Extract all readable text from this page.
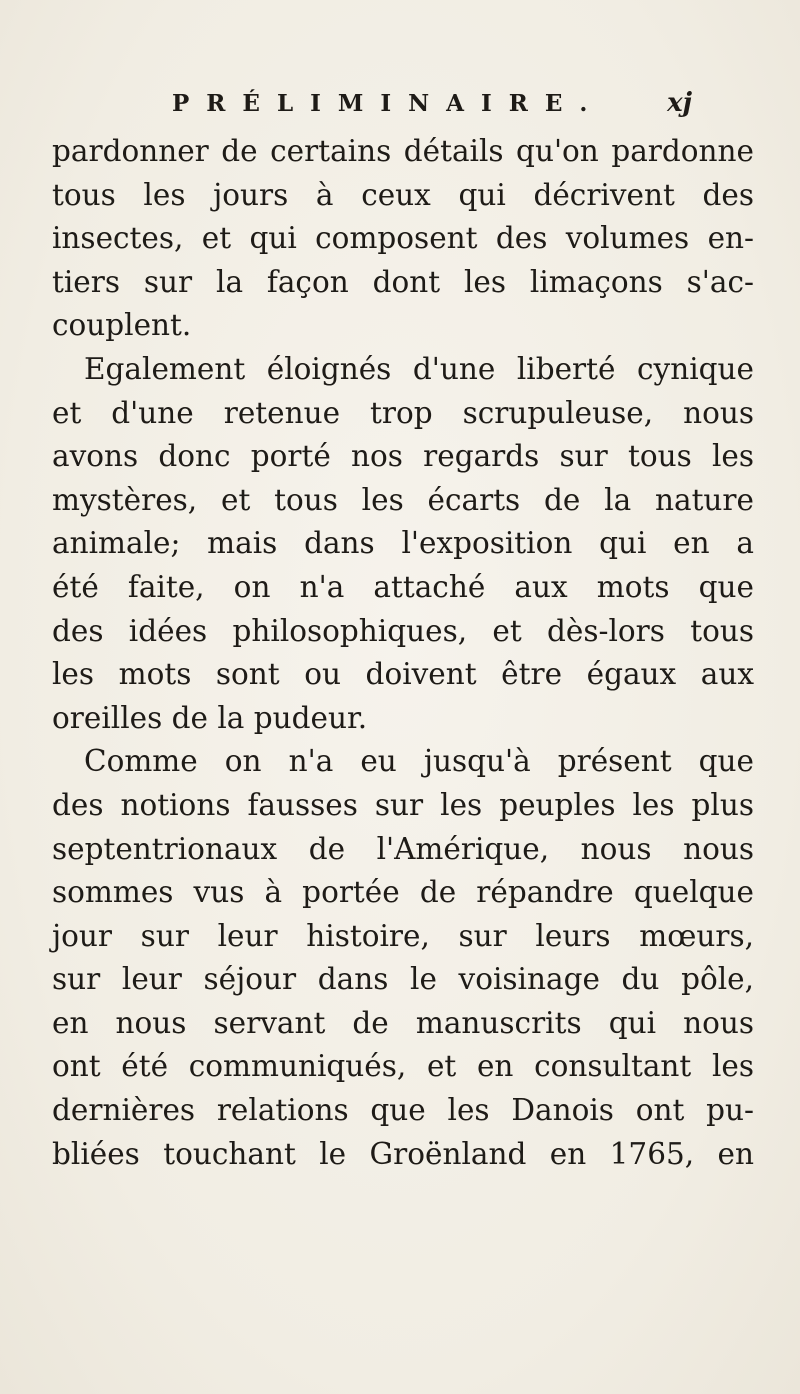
PRÉLIMINAIRE. xj
pardonner de certains détails qu'on pardonne
tous les jours à ceux qui décrivent des
insectes, et qui composent des volumes en-
tiers sur la façon dont les limaçons s'ac-
couplent.
Egalement éloignés d'une liberté cynique
et d'une retenue trop scrupuleuse, nous
avons donc porté nos regards sur tous les
mystères, et tous les écarts de la nature
animale; mais dans l'exposition qui en a
été faite, on n'a attaché aux mots que
des idées philosophiques, et dès-lors tous
les mots sont ou doivent être égaux aux
oreilles de la pudeur.
Comme on n'a eu jusqu'à présent que
des notions fausses sur les peuples les plus
septentrionaux de l'Amérique, nous nous
sommes vus à portée de répandre quelque
jour sur leur histoire, sur leurs mœurs,
sur leur séjour dans le voisinage du pôle,
en nous servant de manuscrits qui nous
ont été communiqués, et en consultant les
dernières relations que les Danois ont pu-
bliées touchant le Groënland en 1765, en
